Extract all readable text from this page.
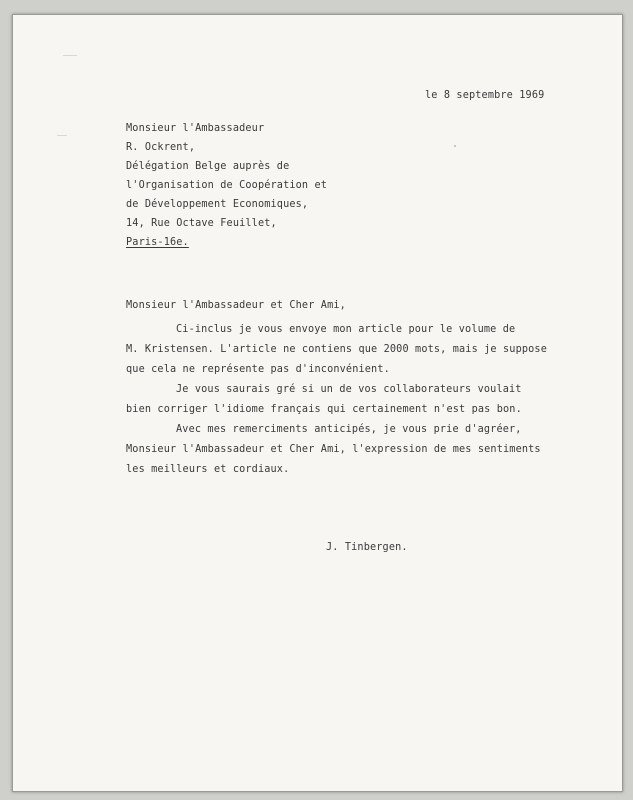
le 8 septembre 1969
Monsieur l'Ambassadeur
R. Ockrent,
Délégation Belge auprès de
l'Organisation de Coopération et
de Développement Economiques,
14, Rue Octave Feuillet,
Paris-16e.
Monsieur l'Ambassadeur et Cher Ami,
Ci-inclus je vous envoye mon article pour le volume de
M. Kristensen. L'article ne contiens que 2000 mots, mais je suppose
que cela ne représente pas d'inconvénient.
Je vous saurais gré si un de vos collaborateurs voulait
bien corriger l'idiome français qui certainement n'est pas bon.
Avec mes remerciments anticipés, je vous prie d'agréer,
Monsieur l'Ambassadeur et Cher Ami, l'expression de mes sentiments
les meilleurs et cordiaux.
J. Tinbergen.
